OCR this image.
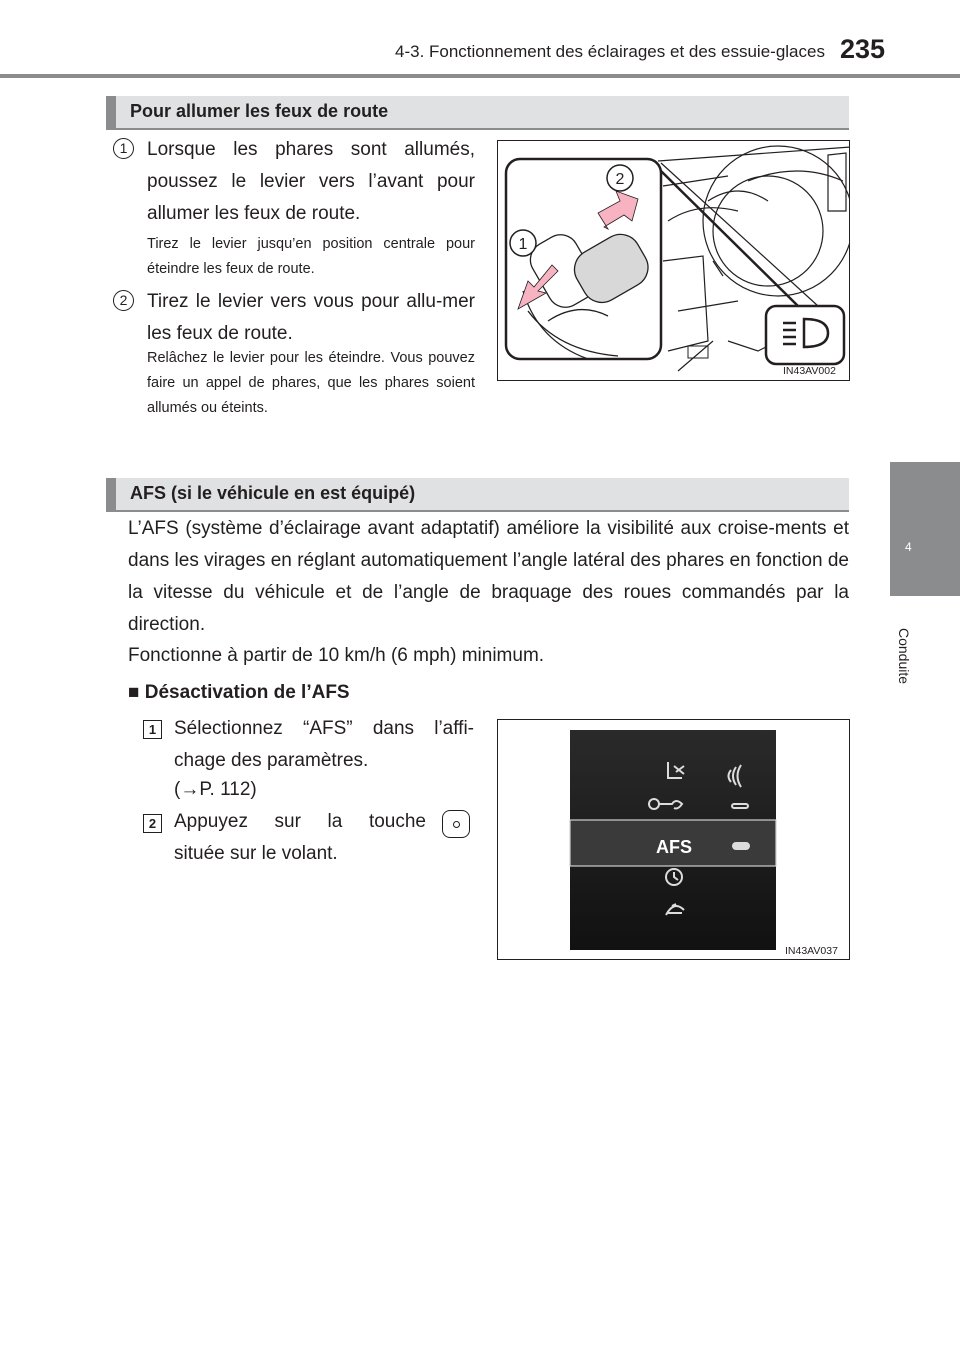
4-3. Fonctionnement des éclairages et des essuie-glaces 235
4
Conduite
Pour allumer les feux de route
1	Lorsque les phares sont allumés, poussez le levier vers l’avant pour allumer les feux de route.
Tirez le levier jusqu’en position centrale pour éteindre les feux de route.
2	Tirez le levier vers vous pour allu-mer les feux de route.
Relâchez le levier pour les éteindre. Vous pouvez faire un appel de phares, que les phares soient allumés ou éteints.
2
1
IN43AV002
AFS (si le véhicule en est équipé)
L’AFS (système d’éclairage avant adaptatif) améliore la visibilité aux croise-ments et dans les virages en réglant automatiquement l’angle latéral des phares en fonction de la vitesse du véhicule et de l’angle de braquage des roues commandés par la direction.
Fonctionne à partir de 10 km/h (6 mph) minimum.
■ Désactivation de l’AFS
1 Sélectionnez “AFS” dans l’affi-chage des paramètres.
(→P. 112)
2 Appuyez sur la touche
située sur le volant.	AFS
IN43AV037
